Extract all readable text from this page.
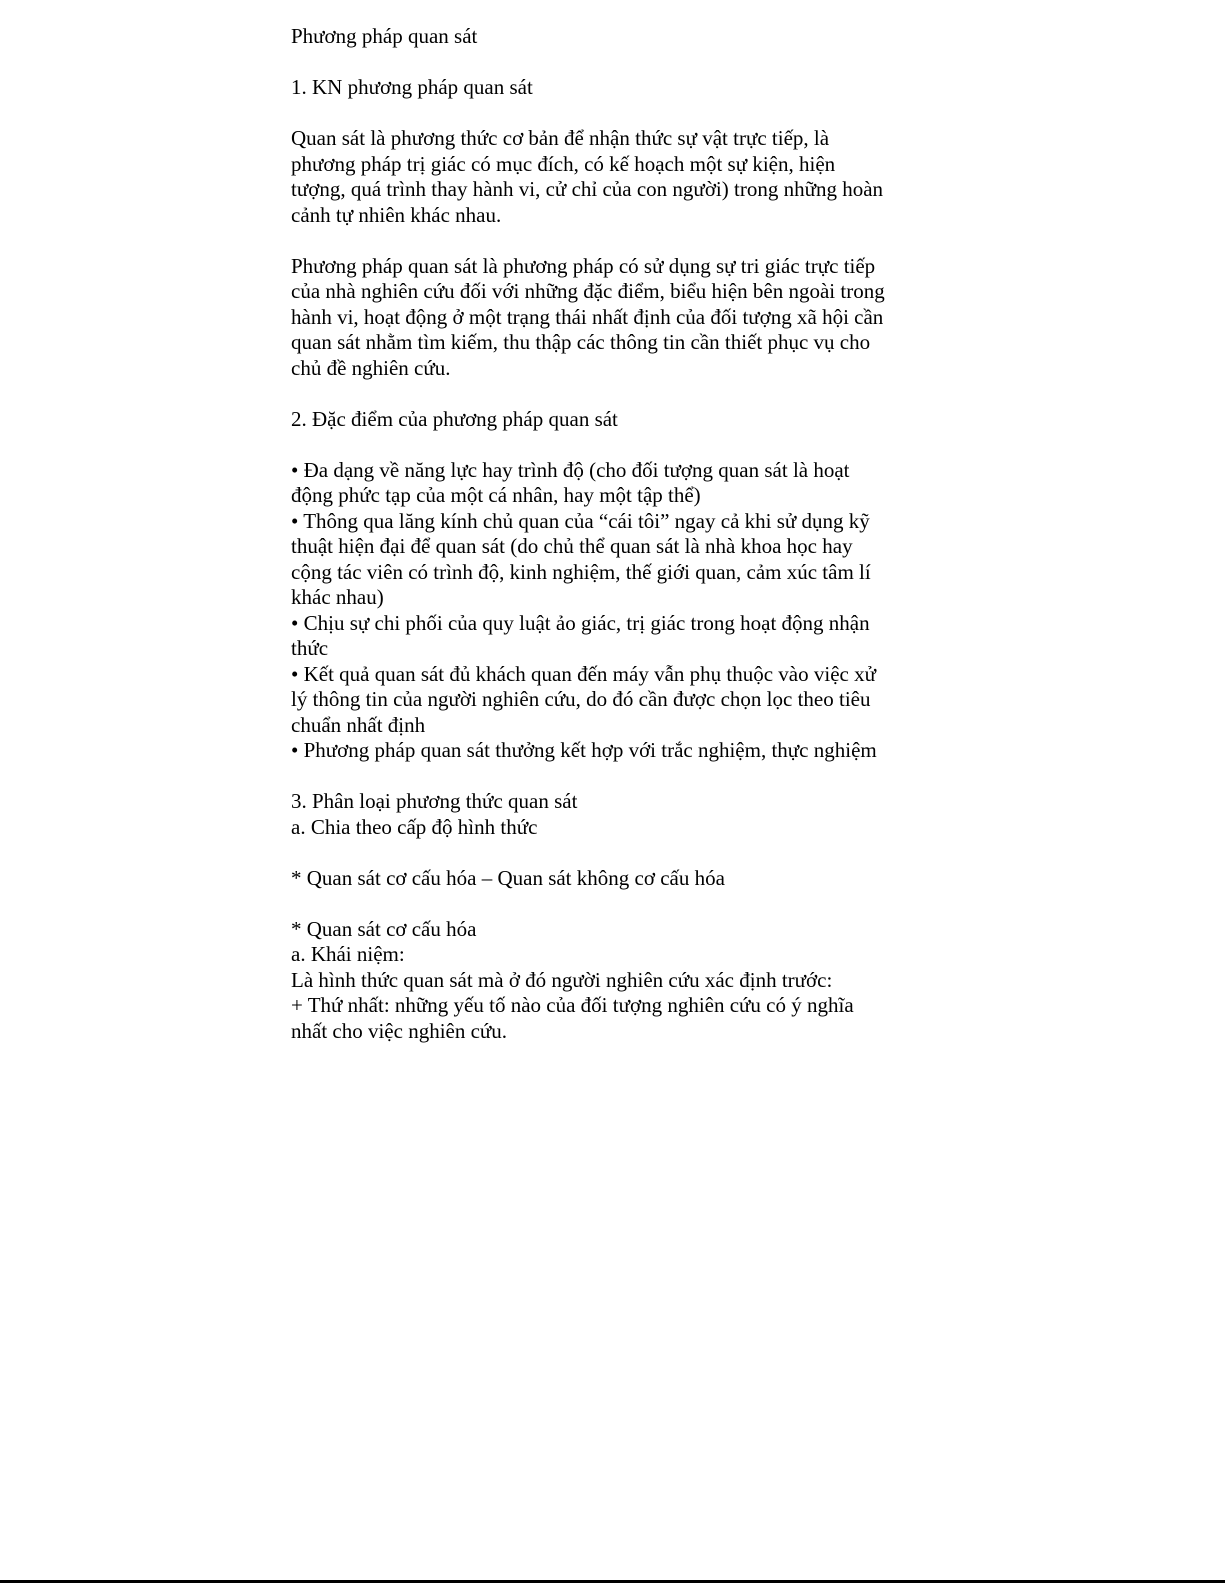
Phương pháp quan sát

1. KN phương pháp quan sát

Quan sát là phương thức cơ bản để nhận thức sự vật trực tiếp, là
phương pháp trị giác có mục đích, có kế hoạch một sự kiện, hiện
tượng, quá trình thay hành vi, cử chỉ của con người) trong những hoàn
cảnh tự nhiên khác nhau.

Phương pháp quan sát là phương pháp có sử dụng sự tri giác trực tiếp
của nhà nghiên cứu đối với những đặc điểm, biểu hiện bên ngoài trong
hành vi, hoạt động ở một trạng thái nhất định của đối tượng xã hội cần
quan sát nhằm tìm kiếm, thu thập các thông tin cần thiết phục vụ cho
chủ đề nghiên cứu.

2. Đặc điểm của phương pháp quan sát

• Đa dạng về năng lực hay trình độ (cho đối tượng quan sát là hoạt
động phức tạp của một cá nhân, hay một tập thể)

• Thông qua lăng kính chủ quan của “cái tôi” ngay cả khi sử dụng kỹ
thuật hiện đại để quan sát (do chủ thể quan sát là nhà khoa học hay
cộng tác viên có trình độ, kinh nghiệm, thế giới quan, cảm xúc tâm lí
khác nhau)

• Chịu sự chi phối của quy luật ảo giác, trị giác trong hoạt động nhận
thức

• Kết quả quan sát đủ khách quan đến máy vẫn phụ thuộc vào việc xử
lý thông tin của người nghiên cứu, do đó cần được chọn lọc theo tiêu
chuẩn nhất định

• Phương pháp quan sát thưởng kết hợp với trắc nghiệm, thực nghiệm

3. Phân loại phương thức quan sát

a. Chia theo cấp độ hình thức

* Quan sát cơ cấu hóa – Quan sát không cơ cấu hóa

* Quan sát cơ cấu hóa

a. Khái niệm:

Là hình thức quan sát mà ở đó người nghiên cứu xác định trước:

+ Thứ nhất: những yếu tố nào của đối tượng nghiên cứu có ý nghĩa
nhất cho việc nghiên cứu.
